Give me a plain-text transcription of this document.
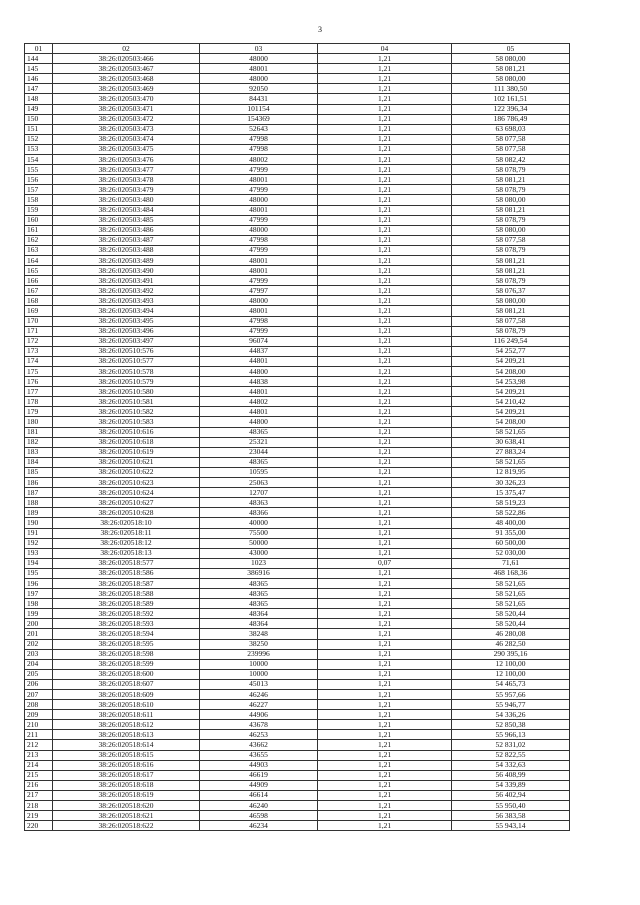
3
01	02	03	04	05
144	38:26:020503:466	48000	1,21	58 080,00
145	38:26:020503:467	48001	1,21	58 081,21
146	38:26:020503:468	48000	1,21	58 080,00
147	38:26:020503:469	92050	1,21	111 380,50
148	38:26:020503:470	84431	1,21	102 161,51
149	38:26:020503:471	101154	1,21	122 396,34
150	38:26:020503:472	154369	1,21	186 786,49
151	38:26:020503:473	52643	1,21	63 698,03
152	38:26:020503:474	47998	1,21	58 077,58
153	38:26:020503:475	47998	1,21	58 077,58
154	38:26:020503:476	48002	1,21	58 082,42
155	38:26:020503:477	47999	1,21	58 078,79
156	38:26:020503:478	48001	1,21	58 081,21
157	38:26:020503:479	47999	1,21	58 078,79
158	38:26:020503:480	48000	1,21	58 080,00
159	38:26:020503:484	48001	1,21	58 081,21
160	38:26:020503:485	47999	1,21	58 078,79
161	38:26:020503:486	48000	1,21	58 080,00
162	38:26:020503:487	47998	1,21	58 077,58
163	38:26:020503:488	47999	1,21	58 078,79
164	38:26:020503:489	48001	1,21	58 081,21
165	38:26:020503:490	48001	1,21	58 081,21
166	38:26:020503:491	47999	1,21	58 078,79
167	38:26:020503:492	47997	1,21	58 076,37
168	38:26:020503:493	48000	1,21	58 080,00
169	38:26:020503:494	48001	1,21	58 081,21
170	38:26:020503:495	47998	1,21	58 077,58
171	38:26:020503:496	47999	1,21	58 078,79
172	38:26:020503:497	96074	1,21	116 249,54
173	38:26:020510:576	44837	1,21	54 252,77
174	38:26:020510:577	44801	1,21	54 209,21
175	38:26:020510:578	44800	1,21	54 208,00
176	38:26:020510:579	44838	1,21	54 253,98
177	38:26:020510:580	44801	1,21	54 209,21
178	38:26:020510:581	44802	1,21	54 210,42
179	38:26:020510:582	44801	1,21	54 209,21
180	38:26:020510:583	44800	1,21	54 208,00
181	38:26:020510:616	48365	1,21	58 521,65
182	38:26:020510:618	25321	1,21	30 638,41
183	38:26:020510:619	23044	1,21	27 883,24
184	38:26:020510:621	48365	1,21	58 521,65
185	38:26:020510:622	10595	1,21	12 819,95
186	38:26:020510:623	25063	1,21	30 326,23
187	38:26:020510:624	12707	1,21	15 375,47
188	38:26:020510:627	48363	1,21	58 519,23
189	38:26:020510:628	48366	1,21	58 522,86
190	38:26:020518:10	40000	1,21	48 400,00
191	38:26:020518:11	75500	1,21	91 355,00
192	38:26:020518:12	50000	1,21	60 500,00
193	38:26:020518:13	43000	1,21	52 030,00
194	38:26:020518:577	1023	0,07	71,61
195	38:26:020518:586	386916	1,21	468 168,36
196	38:26:020518:587	48365	1,21	58 521,65
197	38:26:020518:588	48365	1,21	58 521,65
198	38:26:020518:589	48365	1,21	58 521,65
199	38:26:020518:592	48364	1,21	58 520,44
200	38:26:020518:593	48364	1,21	58 520,44
201	38:26:020518:594	38248	1,21	46 280,08
202	38:26:020518:595	38250	1,21	46 282,50
203	38:26:020518:598	239996	1,21	290 395,16
204	38:26:020518:599	10000	1,21	12 100,00
205	38:26:020518:600	10000	1,21	12 100,00
206	38:26:020518:607	45013	1,21	54 465,73
207	38:26:020518:609	46246	1,21	55 957,66
208	38:26:020518:610	46227	1,21	55 946,77
209	38:26:020518:611	44906	1,21	54 336,26
210	38:26:020518:612	43678	1,21	52 850,38
211	38:26:020518:613	46253	1,21	55 966,13
212	38:26:020518:614	43662	1,21	52 831,02
213	38:26:020518:615	43655	1,21	52 822,55
214	38:26:020518:616	44903	1,21	54 332,63
215	38:26:020518:617	46619	1,21	56 408,99
216	38:26:020518:618	44909	1,21	54 339,89
217	38:26:020518:619	46614	1,21	56 402,94
218	38:26:020518:620	46240	1,21	55 950,40
219	38:26:020518:621	46598	1,21	56 383,58
220	38:26:020518:622	46234	1,21	55 943,14
